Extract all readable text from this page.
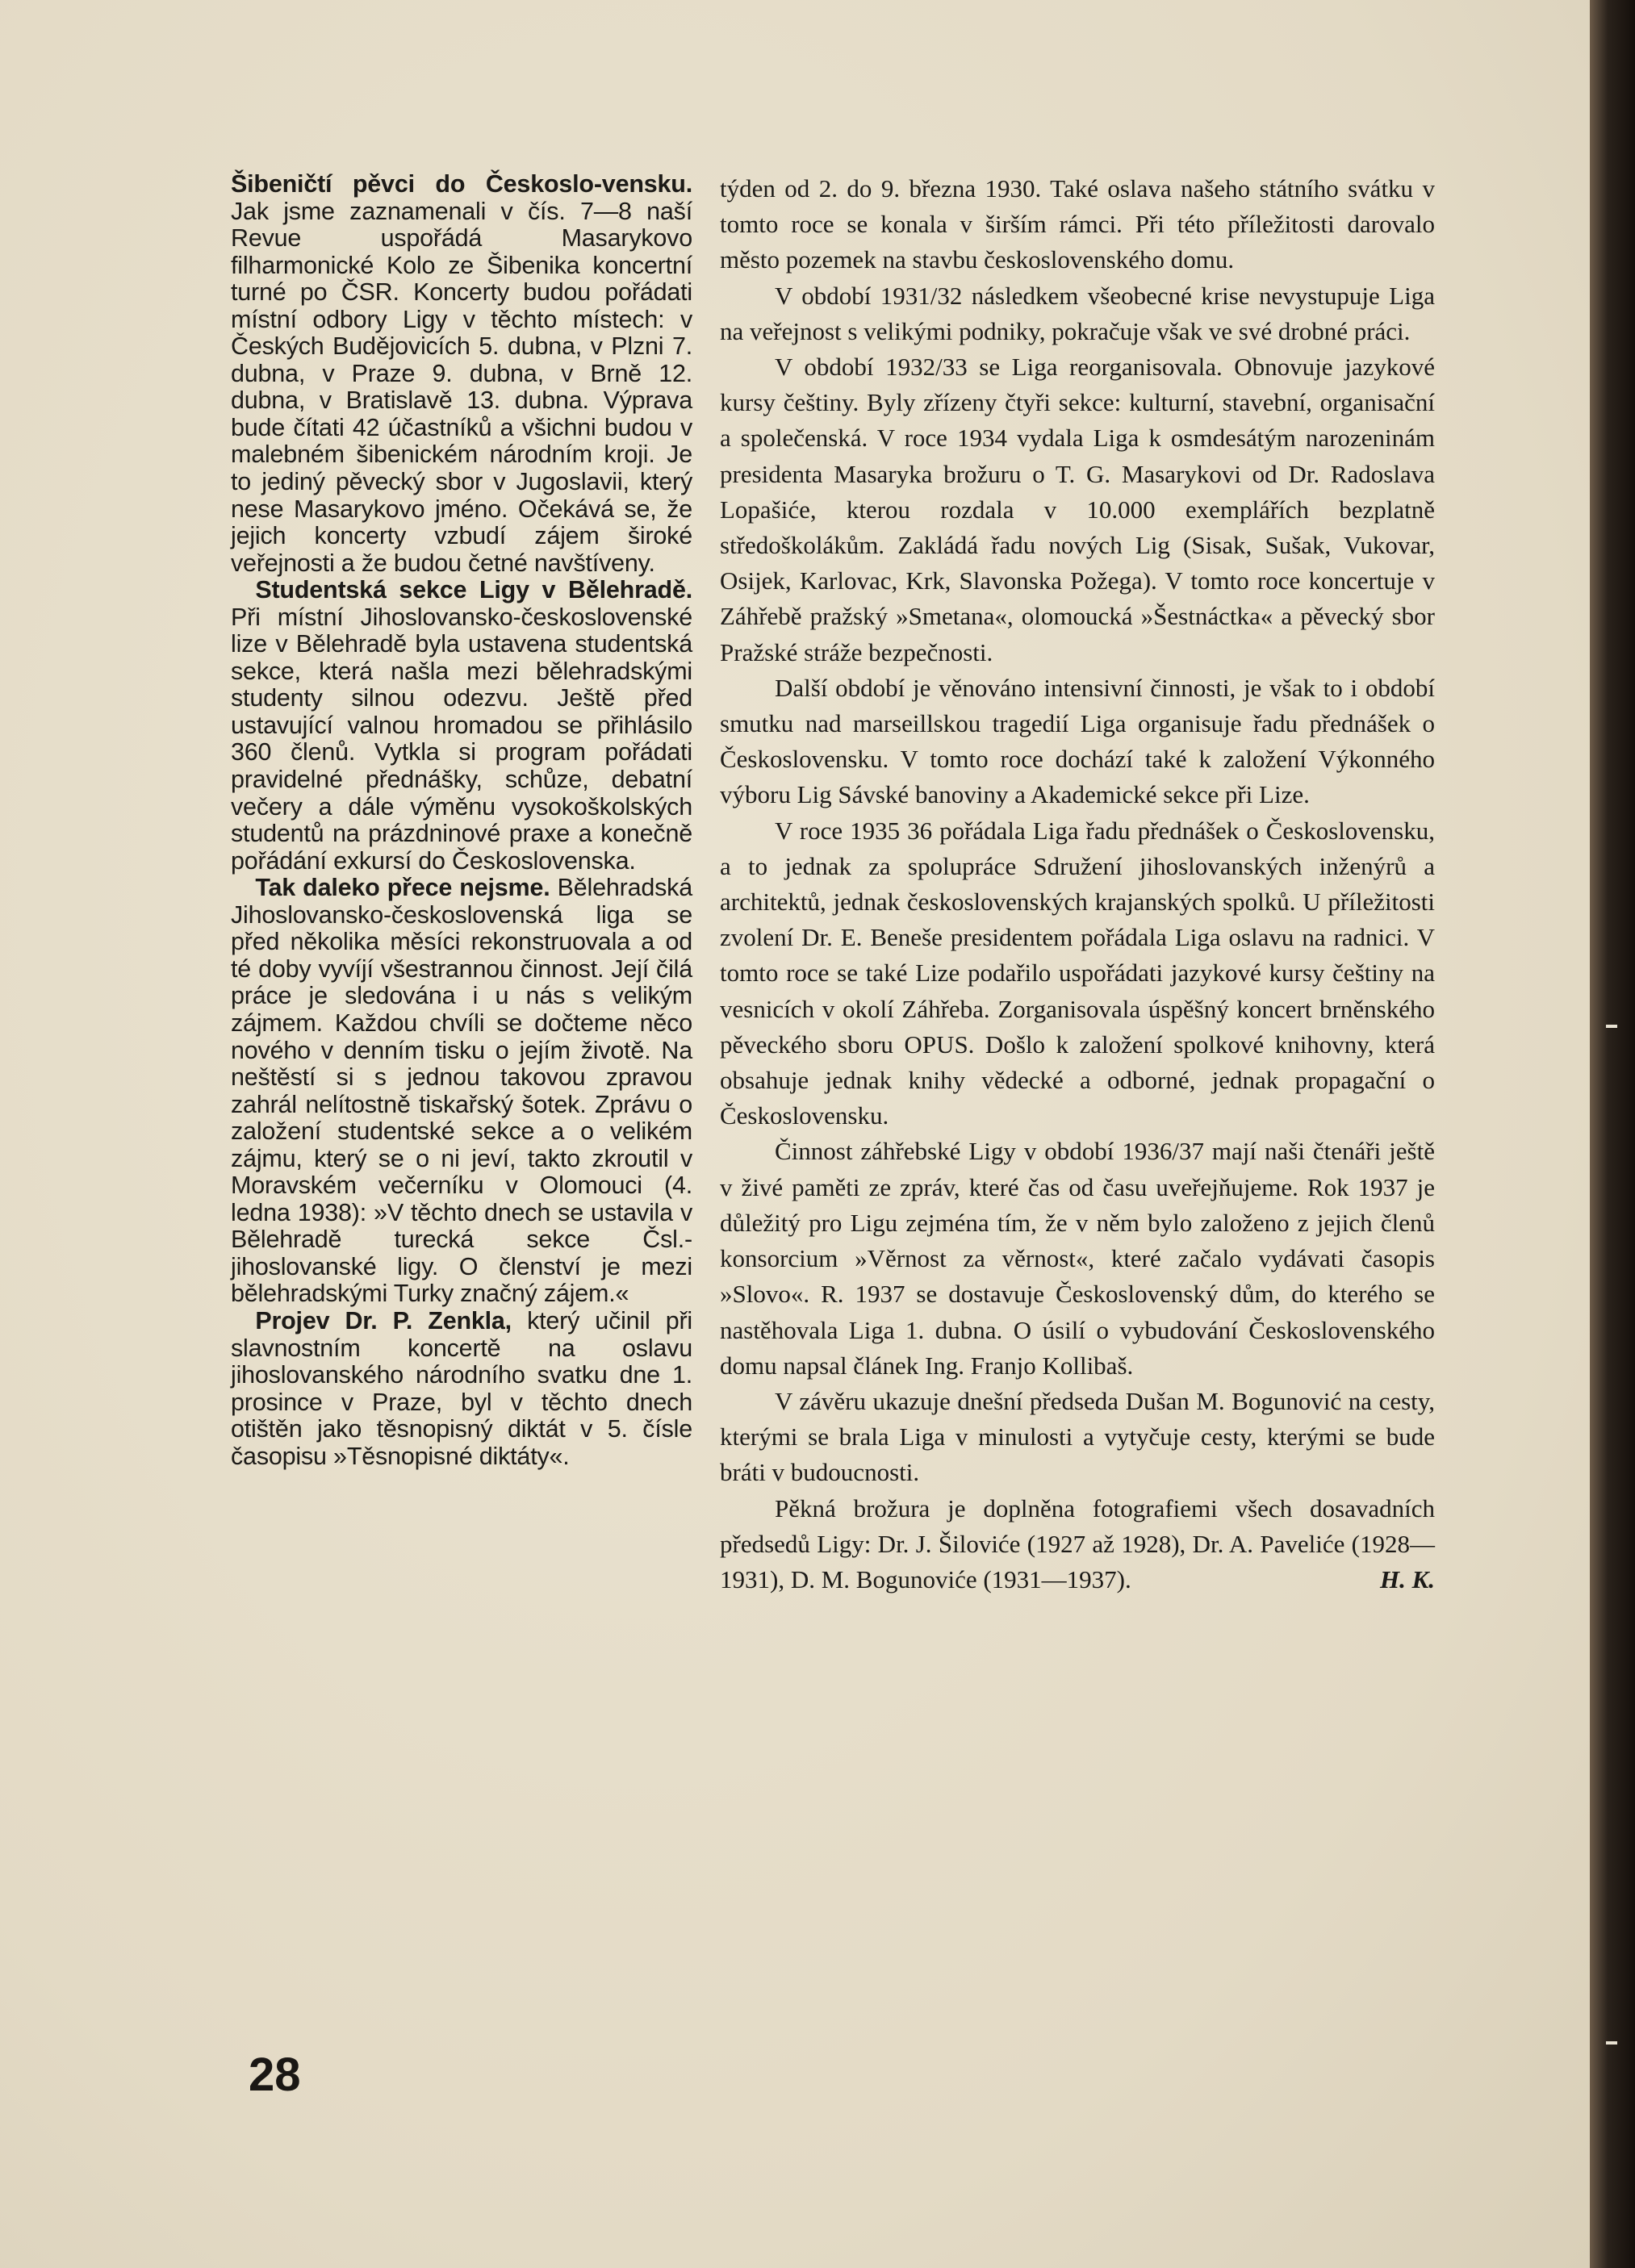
Šibeničtí pěvci do Českoslo-vensku. Jak jsme zaznamenali v čís. 7—8 naší Revue uspořádá Masarykovo filharmonické Kolo ze Šibenika koncertní turné po ČSR. Koncerty budou pořádati místní odbory Ligy v těchto místech: v Českých Budějovicích 5. dubna, v Plzni 7. dubna, v Praze 9. dubna, v Brně 12. dubna, v Bratislavě 13. dubna. Výprava bude čítati 42 účastníků a všichni budou v malebném šibenickém národním kroji. Je to jediný pěvecký sbor v Jugoslavii, který nese Masarykovo jméno. Očekává se, že jejich koncerty vzbudí zájem široké veřejnosti a že budou četné navštíveny.

 Studentská sekce Ligy v Bělehradě. Při místní Jihoslovansko-československé lize v Bělehradě byla ustavena studentská sekce, která našla mezi bělehradskými studenty silnou odezvu. Ještě před ustavující valnou hromadou se přihlásilo 360 členů. Vytkla si program pořádati pravidelné přednášky, schůze, debatní večery a dále výměnu vysokoškolských studentů na prázdninové praxe a konečně pořádání exkursí do Československa.

 Tak daleko přece nejsme. Bělehradská Jihoslovansko-československá liga se před několika měsíci rekonstruovala a od té doby vyvíjí všestrannou činnost. Její čilá práce je sledována i u nás s velikým zájmem. Každou chvíli se dočteme něco nového v denním tisku o jejím životě. Na neštěstí si s jednou takovou zpravou zahrál nelítostně tiskařský šotek. Zprávu o založení studentské sekce a o velikém zájmu, který se o ni jeví, takto zkroutil v Moravském večerníku v Olomouci (4. ledna 1938): »V těchto dnech se ustavila v Bělehradě turecká sekce Čsl.-jihoslovanské ligy. O členství je mezi bělehradskými Turky značný zájem.«

 Projev Dr. P. Zenkla, který učinil při slavnostním koncertě na oslavu jihoslovanského národního svatku dne 1. prosince v Praze, byl v těchto dnech otištěn jako těsnopisný diktát v 5. čísle časopisu »Těsnopisné diktáty«.

týden od 2. do 9. března 1930. Také oslava našeho státního svátku v tomto roce se konala v širším rámci. Při této příležitosti darovalo město pozemek na stavbu československého domu.

V období 1931/32 následkem všeobecné krise nevystupuje Liga na veřejnost s velikými podniky, pokračuje však ve své drobné práci.

V období 1932/33 se Liga reorganisovala. Obnovuje jazykové kursy češtiny. Byly zřízeny čtyři sekce: kulturní, stavební, organisační a společenská. V roce 1934 vydala Liga k osmdesátým narozeninám presidenta Masaryka brožuru o T. G. Masarykovi od Dr. Radoslava Lopašiće, kterou rozdala v 10.000 exemplářích bezplatně středoškolákům. Zakládá řadu nových Lig (Sisak, Sušak, Vukovar, Osijek, Karlovac, Krk, Slavonska Požega). V tomto roce koncertuje v Záhřebě pražský »Smetana«, olomoucká »Šestnáctka« a pěvecký sbor Pražské stráže bezpečnosti.

Další období je věnováno intensivní činnosti, je však to i období smutku nad marseillskou tragedií Liga organisuje řadu přednášek o Československu. V tomto roce dochází také k založení Výkonného výboru Lig Sávské banoviny a Akademické sekce při Lize.

V roce 1935 36 pořádala Liga řadu přednášek o Československu, a to jednak za spolupráce Sdružení jihoslovanských inženýrů a architektů, jednak československých krajanských spolků. U příležitosti zvolení Dr. E. Beneše presidentem pořádala Liga oslavu na radnici. V tomto roce se také Lize podařilo uspořádati jazykové kursy češtiny na vesnicích v okolí Záhřeba. Zorganisovala úspěšný koncert brněnského pěveckého sboru OPUS. Došlo k založení spolkové knihovny, která obsahuje jednak knihy vědecké a odborné, jednak propagační o Československu.

Činnost záhřebské Ligy v období 1936/37 mají naši čtenáři ještě v živé paměti ze zpráv, které čas od času uveřejňujeme. Rok 1937 je důležitý pro Ligu zejména tím, že v něm bylo založeno z jejich členů konsorcium »Věrnost za věrnost«, které začalo vydávati časopis »Slovo«. R. 1937 se dostavuje Československý dům, do kterého se nastěhovala Liga 1. dubna. O úsilí o vybudování Československého domu napsal článek Ing. Franjo Kollibaš.

V závěru ukazuje dnešní předseda Dušan M. Bogunović na cesty, kterými se brala Liga v minulosti a vytyčuje cesty, kterými se bude bráti v budoucnosti.

Pěkná brožura je doplněna fotografiemi všech dosavadních předsedů Ligy: Dr. J. Šiloviće (1927 až 1928), Dr. A. Paveliće (1928—1931), D. M. Bogunoviće (1931—1937).	H. K.

28
